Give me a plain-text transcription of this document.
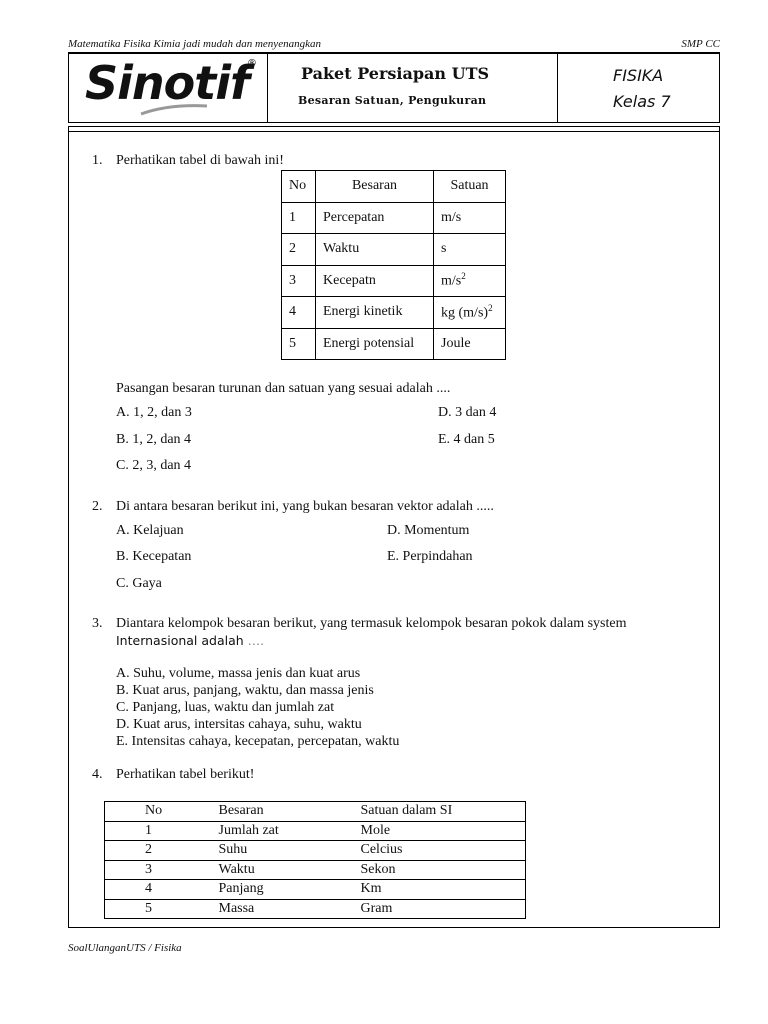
Matematika Fisika Kimia jadi mudah dan menyenangkan	SMP CC
Sinotif
®
Paket Persiapan UTS
Besaran Satuan, Pengukuran
FISIKA
Kelas 7
1. Perhatikan tabel di bawah ini!
No	Besaran	Satuan
1	Percepatan	m/s
2	Waktu	s
3	Kecepatn	$m/s^2$
4	Energi kinetik	kg $(m/s)^2$
5	Energi potensial	Joule
Pasangan besaran turunan dan satuan yang sesuai adalah ....
A. 1, 2, dan 3
B. 1, 2, dan 4
C. 2, 3, dan 4
D. 3 dan 4
E. 4 dan 5
2. Di antara besaran berikut ini, yang bukan besaran vektor adalah .....
A. Kelajuan
B. Kecepatan
C. Gaya
D. Momentum
E. Perpindahan
3. Diantara kelompok besaran berikut, yang termasuk kelompok besaran pokok dalam system
Internasional adalah ….
A. Suhu, volume, massa jenis dan kuat arus
B. Kuat arus, panjang, waktu, dan massa jenis
C. Panjang, luas, waktu dan jumlah zat
D. Kuat arus, intersitas cahaya, suhu, waktu
E. Intensitas cahaya, kecepatan, percepatan, waktu
4. Perhatikan tabel berikut!
No	Besaran	Satuan dalam SI
1	Jumlah zat	Mole
2	Suhu	Celcius
3	Waktu	Sekon
4	Panjang	Km
5	Massa	Gram
SoalUlanganUTS / Fisika
